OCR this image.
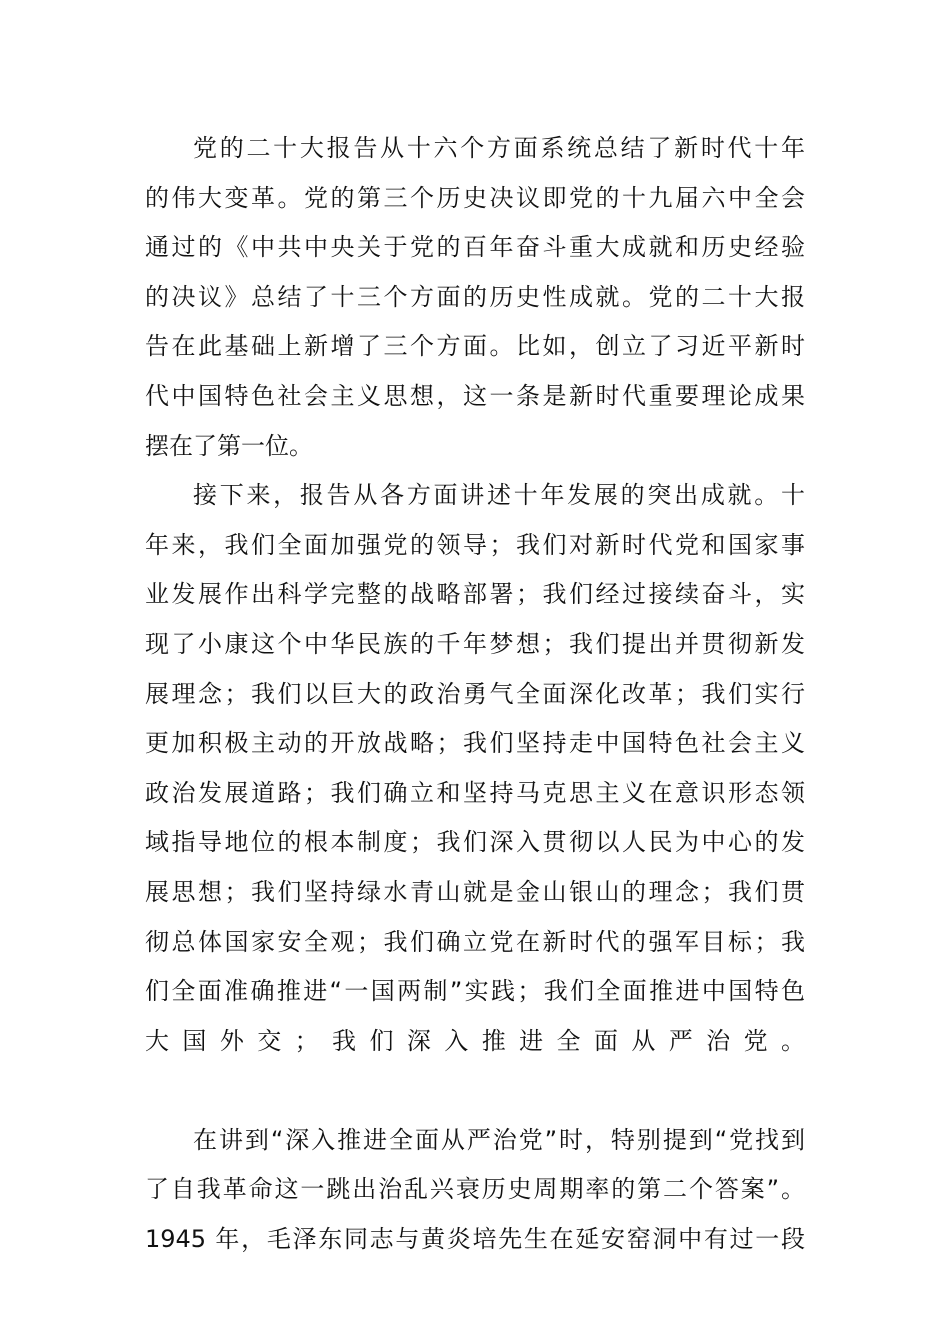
党的二十大报告从十六个方面系统总结了新时代十年
的伟大变革。党的第三个历史决议即党的十九届六中全会
通过的《中共中央关于党的百年奋斗重大成就和历史经验
的决议》总结了十三个方面的历史性成就。党的二十大报
告在此基础上新增了三个方面。比如，创立了习近平新时
代中国特色社会主义思想，这一条是新时代重要理论成果
摆在了第一位。

接下来，报告从各方面讲述十年发展的突出成就。十
年来，我们全面加强党的领导；我们对新时代党和国家事
业发展作出科学完整的战略部署；我们经过接续奋斗，实
现了小康这个中华民族的千年梦想；我们提出并贯彻新发
展理念；我们以巨大的政治勇气全面深化改革；我们实行
更加积极主动的开放战略；我们坚持走中国特色社会主义
政治发展道路；我们确立和坚持马克思主义在意识形态领
域指导地位的根本制度；我们深入贯彻以人民为中心的发
展思想；我们坚持绿水青山就是金山银山的理念；我们贯
彻总体国家安全观；我们确立党在新时代的强军目标；我
们全面准确推进“一国两制”实践；我们全面推进中国特色
大国外交；我们深入推进全面从严治党。

在讲到“深入推进全面从严治党”时，特别提到“党找到
了自我革命这一跳出治乱兴衰历史周期率的第二个答案”。
1945 年，毛泽东同志与黄炎培先生在延安窑洞中有过一段
